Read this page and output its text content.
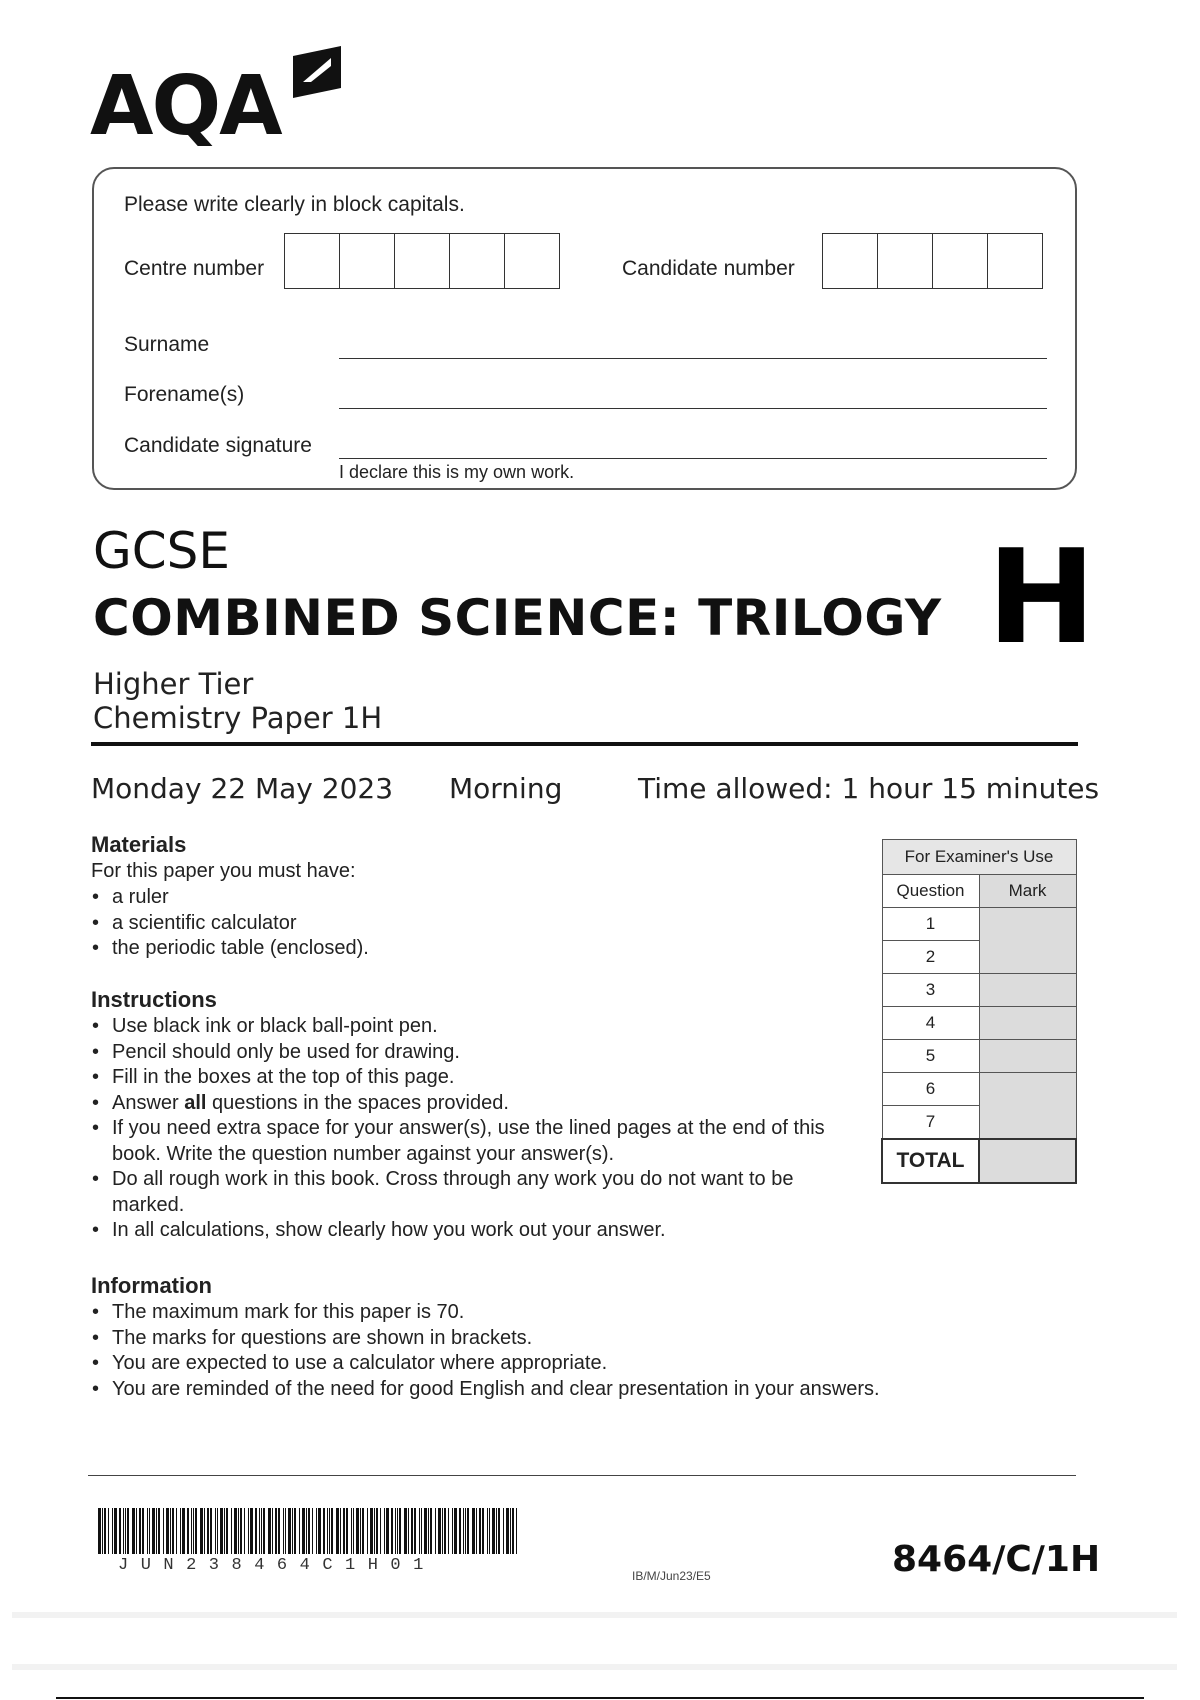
AQA
Please write clearly in block capitals.
Centre number	Candidate number
Surname
Forename(s)
Candidate signature
I declare this is my own work.
GCSE
COMBINED SCIENCE: TRILOGY H
Higher Tier
Chemistry Paper 1H
Monday 22 May 2023 Morning	Time allowed: 1 hour 15 minutes
Materials
For this paper you must have:
• a ruler
• a scientific calculator
• the periodic table (enclosed).
Instructions
• Use black ink or black ball-point pen.
• Pencil should only be used for drawing.
• Fill in the boxes at the top of this page.
• Answer all questions in the spaces provided.
• If you need extra space for your answer(s), use the lined pages at the end of this book. Write the question number against your answer(s).
• Do all rough work in this book. Cross through any work you do not want to be marked.
• In all calculations, show clearly how you work out your answer.
Information
• The maximum mark for this paper is 70.
• The marks for questions are shown in brackets.
• You are expected to use a calculator where appropriate.
• You are reminded of the need for good English and clear presentation in your answers.
For Examiner's Use	
Question	Mark
1	
2	
3	
4	
5	
6	
7	
TOTAL	
JUN238464C1H01
IB/M/Jun23/E5	8464/C/1H
